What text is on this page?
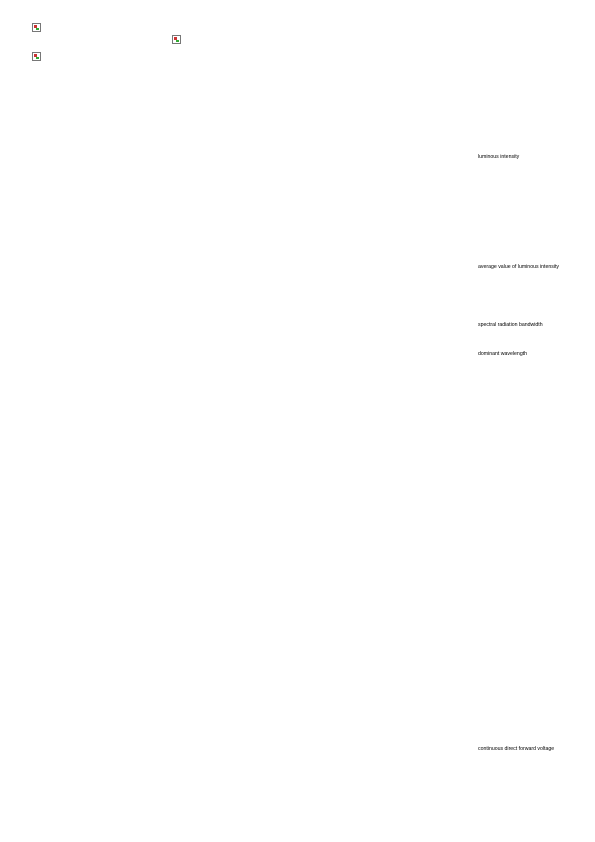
luminous intensity
average value of luminous intensity
spectral radiation bandwidth
dominant wavelength
continuous direct forward voltage
